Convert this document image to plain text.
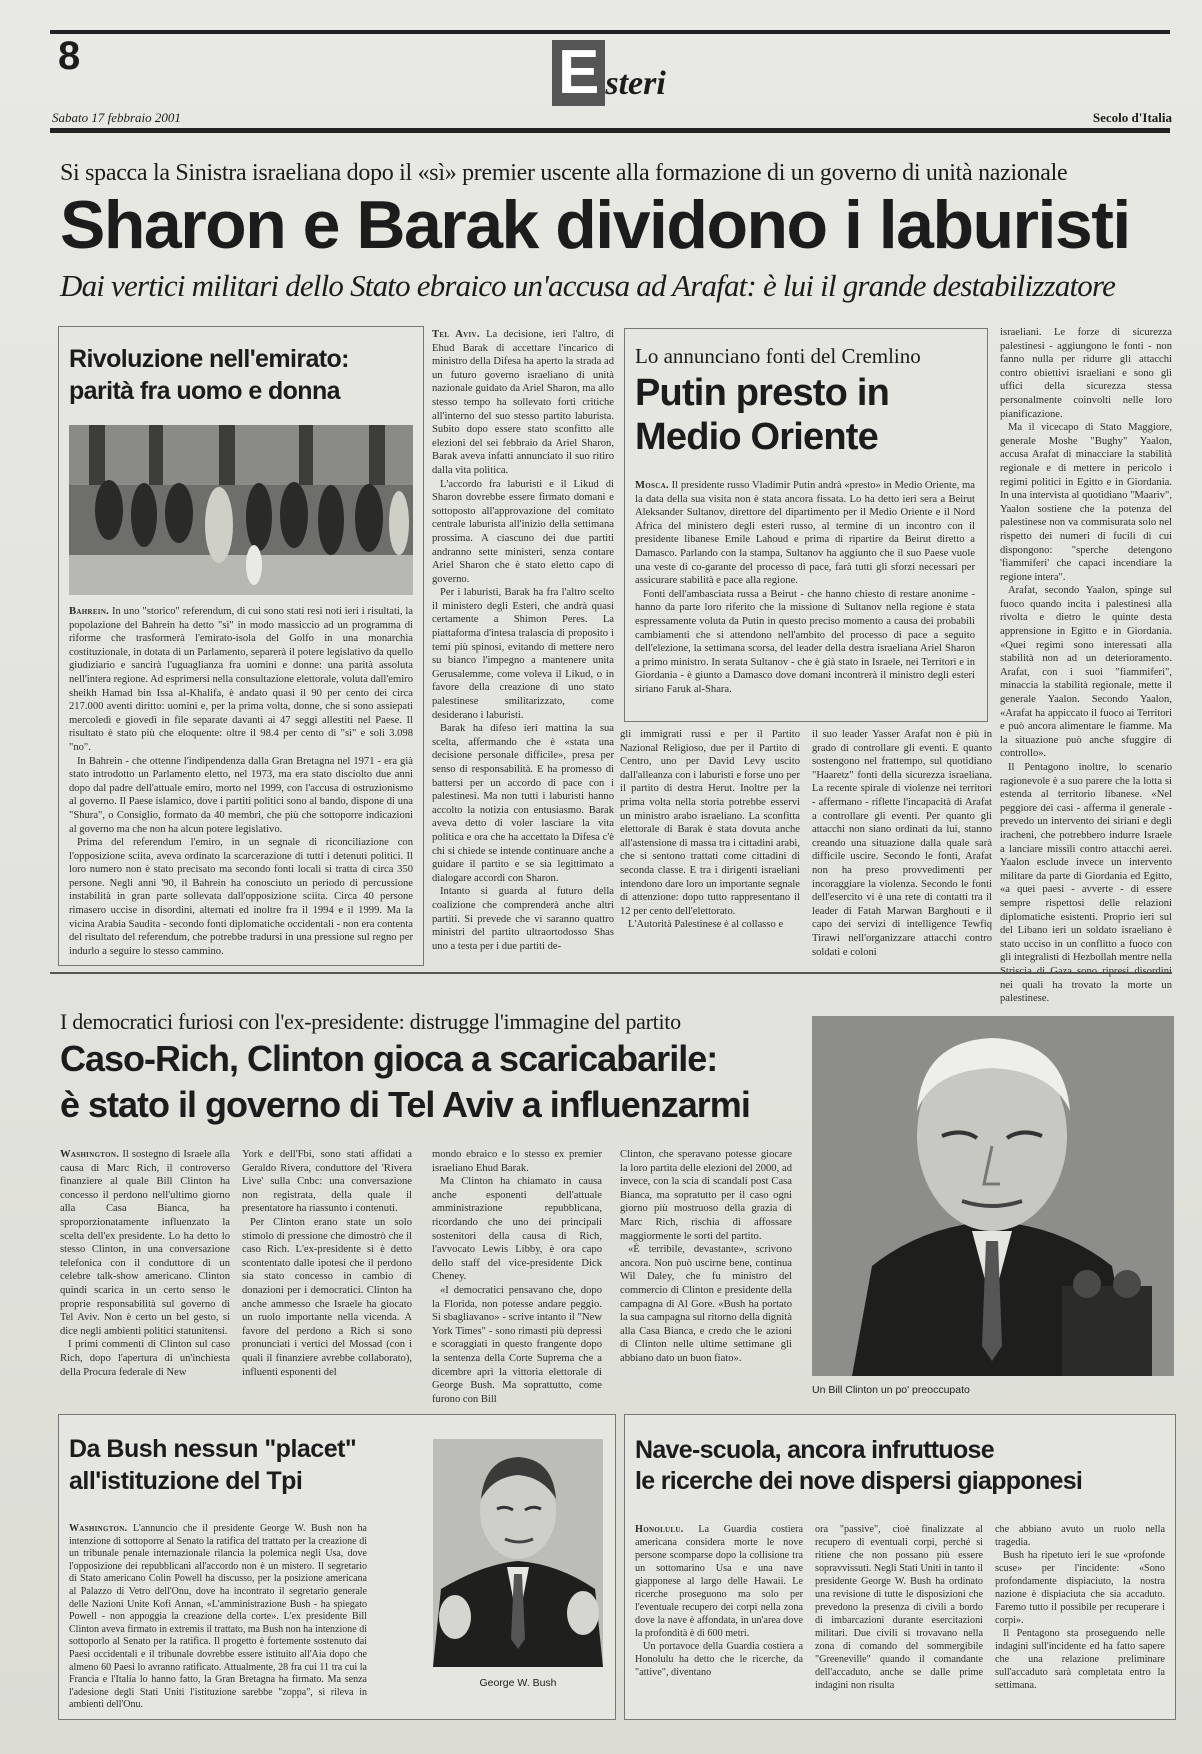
8	E steri
Sabato 17 febbraio 2001	Secolo d'Italia
Si spacca la Sinistra israeliana dopo il «sì» premier uscente alla formazione di un governo di unità nazionale
Sharon e Barak dividono i laburisti
Dai vertici militari dello Stato ebraico un'accusa ad Arafat: è lui il grande destabilizzatore
Rivoluzione nell'emirato: parità fra uomo e donna

Bahrein. In uno "storico" referendum, di cui sono stati resi noti ieri i risultati, la popolazione del Bahrein ha detto "sì" in modo massiccio ad un programma di riforme che trasformerà l'emirato-isola del Golfo in una monarchia costituzionale, in dotata di un Parlamento, separerà il potere legislativo da quello giudiziario e sancirà l'uguaglianza fra uomini e donne: una parità assoluta nell'intera regione. Ad esprimersi nella consultazione elettorale, voluta dall'emiro sheikh Hamad bin Issa al-Khalifa, è andato quasi il 90 per cento dei circa 217.000 aventi diritto: uomini e, per la prima volta, donne, che si sono assiepati mercoledì e giovedì in file separate davanti ai 47 seggi allestiti nel Paese. Il risultato è stato più che eloquente: oltre il 98.4 per cento di "sì" e soli 3.098 "no".

In Bahrein - che ottenne l'indipendenza dalla Gran Bretagna nel 1971 - era già stato introdotto un Parlamento eletto, nel 1973, ma era stato disciolto due anni dopo dal padre dell'attuale emiro, morto nel 1999, con l'accusa di ostruzionismo al governo. Il Paese islamico, dove i partiti politici sono al bando, dispone di una "Shura", o Consiglio, formato da 40 membri, che più che sottoporre indicazioni al governo ma che non ha alcun potere legislativo.

Prima del referendum l'emiro, in un segnale di riconciliazione con l'opposizione sciita, aveva ordinato la scarcerazione di tutti i detenuti politici. Il loro numero non è stato precisato ma secondo fonti locali si tratta di circa 350 persone. Negli anni '90, il Bahrein ha conosciuto un periodo di percussione instabilità in gran parte sollevata dall'opposizione sciita. Circa 40 persone rimasero uccise in disordini, alternati ed inoltre fra il 1994 e il 1999. Ma la vicina Arabia Saudita - secondo fonti diplomatiche occidentali - non era contenta del risultato del referendum, che potrebbe tradursi in una pressione sul regno per indurlo a seguire lo stesso cammino.

Tel Aviv. La decisione, ieri l'altro, di Ehud Barak di accettare l'incarico di ministro della Difesa ha aperto la strada ad un futuro governo israeliano di unità nazionale guidato da Ariel Sharon, ma allo stesso tempo ha sollevato forti critiche all'interno del suo stesso partito laburista. Subito dopo essere stato sconfitto alle elezioni del sei febbraio da Ariel Sharon, Barak aveva infatti annunciato il suo ritiro dalla vita politica.

L'accordo fra laburisti e il Likud di Sharon dovrebbe essere firmato domani e sottoposto all'approvazione del comitato centrale laburista all'inizio della settimana prossima. A ciascuno dei due partiti andranno sette ministeri, senza contare Ariel Sharon che è stato eletto capo di governo.

Per i laburisti, Barak ha fra l'altro scelto il ministero degli Esteri, che andrà quasi certamente a Shimon Peres. La piattaforma d'intesa tralascia di proposito i temi più spinosi, evitando di mettere nero su bianco l'impegno a mantenere unita Gerusalemme, come voleva il Likud, o in favore della creazione di uno stato palestinese smilitarizzato, come desiderano i laburisti.

Barak ha difeso ieri mattina la sua scelta, affermando che è «stata una decisione personale difficile», presa per senso di responsabilità. E ha promesso di battersi per un accordo di pace con i palestinesi. Ma non tutti i laburisti hanno accolto la notizia con entusiasmo. Barak aveva detto di voler lasciare la vita politica e ora che ha accettato la Difesa c'è chi si chiede se intende continuare anche a guidare il partito e se sia legittimato a dialogare accordi con Sharon.

Intanto si guarda al futuro della coalizione che comprenderà anche altri partiti. Si prevede che vi saranno quattro ministri del partito ultraortodosso Shas uno a testa per i due partiti de-

Lo annunciano fonti del Cremlino
Putin presto in Medio Oriente

Mosca. Il presidente russo Vladimir Putin andrà «presto» in Medio Oriente, ma la data della sua visita non è stata ancora fissata. Lo ha detto ieri sera a Beirut Aleksander Sultanov, direttore del dipartimento per il Medio Oriente e il Nord Africa del ministero degli esteri russo, al termine di un incontro con il presidente libanese Emile Lahoud e prima di ripartire da Beirut diretto a Damasco. Parlando con la stampa, Sultanov ha aggiunto che il suo Paese vuole una veste di co-garante del processo di pace, farà tutti gli sforzi necessari per assicurare stabilità e pace alla regione.

Fonti dell'ambasciata russa a Beirut - che hanno chiesto di restare anonime - hanno da parte loro riferito che la missione di Sultanov nella regione è stata espressamente voluta da Putin in questo preciso momento a causa dei probabili cambiamenti che si attendono nell'ambito del processo di pace a seguito dell'elezione, la settimana scorsa, del leader della destra israeliana Ariel Sharon a primo ministro. In serata Sultanov - che è già stato in Israele, nei Territori e in Giordania - è giunto a Damasco dove domani incontrerà il ministro degli esteri siriano Faruk al-Shara.

gli immigrati russi e per il Partito Nazional Religioso, due per il Partito di Centro, uno per David Levy uscito dall'alleanza con i laburisti e forse uno per il partito di destra Herut. Inoltre per la prima volta nella storia potrebbe esservi un ministro arabo israeliano. La sconfitta elettorale di Barak è stata dovuta anche all'astensione di massa tra i cittadini arabi, che si sentono trattati come cittadini di seconda classe. E tra i dirigenti israeliani intendono dare loro un importante segnale di attenzione: dopo tutto rappresentano il 12 per cento dell'elettorato.

L'Autorità Palestinese è al collasso e

il suo leader Yasser Arafat non è più in grado di controllare gli eventi. E quanto sostengono nel frattempo, sul quotidiano "Haaretz" fonti della sicurezza israeliana. La recente spirale di violenze nei territori - affermano - riflette l'incapacità di Arafat a controllare gli eventi. Per quanto gli attacchi non siano ordinati da lui, stanno creando una situazione dalla quale sarà difficile uscire. Secondo le fonti, Arafat non ha preso provvedimenti per incoraggiare la violenza. Secondo le fonti dell'esercito vi è una rete di contatti tra il leader di Fatah Marwan Barghouti e il capo dei servizi di intelligence Tewfiq Tirawi nell'organizzare attacchi contro soldati e coloni

israeliani. Le forze di sicurezza palestinesi - aggiungono le fonti - non fanno nulla per ridurre gli attacchi contro obiettivi israeliani e sono gli uffici della sicurezza stessa personalmente coinvolti nelle loro pianificazione.

Ma il vicecapo di Stato Maggiore, generale Moshe "Bughy" Yaalon, accusa Arafat di minacciare la stabilità regionale e di mettere in pericolo i regimi politici in Egitto e in Giordania. In una intervista al quotidiano "Maariv", Yaalon sostiene che la potenza del palestinese non va commisurata solo nel rispetto dei numeri di fucili di cui dispongono: "sperche detengono 'fiammiferi' che capaci incendiare la regione intera".

Arafat, secondo Yaalon, spinge sul fuoco quando incita i palestinesi alla rivolta e dietro le quinte desta apprensione in Egitto e in Giordania. «Quei regimi sono interessati alla stabilità non ad un deterioramento. Arafat, con i suoi "fiammiferi", minaccia la stabilità regionale, mette il generale Yaalon. Secondo Yaalon, «Arafat ha appiccato il fuoco ai Territori e può ancora alimentare le fiamme. Ma la situazione può anche sfuggire di controllo».

Il Pentagono inoltre, lo scenario ragionevole è a suo parere che la lotta si estenda al territorio libanese. «Nel peggiore dei casi - afferma il generale - prevedo un intervento dei siriani e degli iracheni, che potrebbero indurre Israele a lanciare missili contro attacchi aerei. Yaalon esclude invece un intervento militare da parte di Giordania ed Egitto, «a quei paesi - avverte - di essere sempre rispettosi delle relazioni diplomatiche esistenti. Proprio ieri sul del Libano ieri un soldato israeliano è stato ucciso in un conflitto a fuoco con gli integralisti di Hezbollah mentre nella nei quali ha trovato la morte un palestinese.

I democratici furiosi con l'ex-presidente: distrugge l'immagine del partito
Caso-Rich, Clinton gioca a scaricabarile:
è stato il governo di Tel Aviv a influenzarmi

Washington. Il sostegno di Israele alla causa di Marc Rich, il controverso finanziere al quale Bill Clinton ha concesso il perdono nell'ultimo giorno alla Casa Bianca, ha sproporzionatamente influenzato la scelta dell'ex presidente. Lo ha detto lo stesso Clinton, in una conversazione telefonica con il conduttore di un celebre talk-show americano. Clinton quindi scarica in un certo senso le proprie responsabilità sul governo di Tel Aviv. Non è certo un bel gesto, si dice negli ambienti politici statunitensi.

I primi commenti di Clinton sul caso Rich, dopo l'apertura di un'inchiesta della Procura federale di New

York e dell'Fbi, sono stati affidati a Geraldo Rivera, conduttore del 'Rivera Live' sulla Cnbc: una conversazione non registrata, della quale il presentatore ha riassunto i contenuti.

Per Clinton erano state un solo stimolo di pressione che dimostrò che il caso Rich. L'ex-presidente sì è detto scontentato dalle ipotesi che il perdono sia stato concesso in cambio di donazioni per i democratici. Clinton ha anche ammesso che Israele ha giocato un ruolo importante nella vicenda. A favore del perdono a Rich si sono pronunciati i vertici del Mossad (con i quali il finanziere avrebbe collaborato), influenti esponenti del

mondo ebraico e lo stesso ex premier israeliano Ehud Barak.

Ma Clinton ha chiamato in causa anche esponenti dell'attuale amministrazione repubblicana, ricordando che uno dei principali sostenitori della causa di Rich, l'avvocato Lewis Libby, è ora capo dello staff del vice-presidente Dick Cheney.

«I democratici pensavano che, dopo la Florida, non potesse andare peggio. Si sbagliavano» - scrive intanto il "New York Times" - sono rimasti più depressi e scoraggiati in questo frangente dopo la sentenza della Corte Suprema che a dicembre aprì la vittoria elettorale di George Bush. Ma soprattutto, come furono con Bill

Clinton, che speravano potesse giocare la loro partita delle elezioni del 2000, ad invece, con la scia di scandali post Casa Bianca, ma sopratutto per il caso ogni giorno più mostruoso della grazia di Marc Rich, rischia di affossare maggiormente le sorti del partito.

«È terribile, devastante», scrivono ancora. Non può uscirne bene, continua Wil Daley, che fu ministro del commercio di Clinton e presidente della campagna di Al Gore. «Bush ha portato la sua campagna sul ritorno della dignità alla Casa Bianca, e credo che le azioni di Clinton nelle ultime settimane gli abbiano dato un buon fiato».

Un Bill Clinton un po' preoccupato
Da Bush nessun "placet" all'istituzione del Tpi

Washington. L'annuncio che il presidente George W. Bush non ha intenzione di sottoporre al Senato la ratifica del trattato per la creazione di un tribunale penale internazionale rilancia la polemica negli Usa, dove l'opposizione dei repubblicani all'accordo non è un mistero. Il segretario di Stato americano Colin Powell ha discusso, per la posizione americana al Palazzo di Vetro dell'Onu, dove ha incontrato il segretario generale delle Nazioni Unite Kofi Annan, «L'amministrazione Bush - ha spiegato Powell - non appoggia la creazione della corte». L'ex presidente Bill Clinton aveva firmato in extremis il trattato, ma Bush non ha intenzione di sottoporlo al Senato per la ratifica. Il progetto è fortemente sostenuto dai Paesi occidentali e il tribunale dovrebbe essere istituito all'Aia dopo che almeno 60 Paesi lo avranno ratificato. Attualmente, 28 fra cui 11 tra cui la Francia e l'Italia lo hanno fatto, la Gran Bretagna ha firmato. Ma senza l'adesione degli Stati Uniti l'istituzione sarebbe "zoppa", si rileva in ambienti dell'Onu.

George W. Bush
Nave-scuola, ancora infruttuose
le ricerche dei nove dispersi giapponesi

Honolulu. La Guardia costiera americana considera morte le nove persone scomparse dopo la collisione tra un sottomarino Usa e una nave giapponese al largo delle Hawaii. Le ricerche proseguono ma solo per l'eventuale recupero dei corpi nella zona dove la nave è affondata, in un'area dove la profondità è di 600 metri.

Un portavoce della Guardia costiera a Honolulu ha detto che le ricerche, da "attive", diventano

ora "passive", cioè finalizzate al recupero di eventuali corpi, perché si ritiene che non possano più essere sopravvissuti. Negli Stati Uniti in tanto il presidente George W. Bush ha ordinato una revisione di tutte le disposizioni che prevedono la presenza di civili a bordo di imbarcazioni durante esercitazioni militari. Due civili si trovavano nella zona di comando del sommergibile "Greeneville" quando il comandante dell'accaduto, anche se dalle prime indagini non risulta

che abbiano avuto un ruolo nella tragedia.

Bush ha ripetuto ieri le sue «profonde scuse» per l'incidente: «Sono profondamente dispiaciuto, la nostra nazione è dispiaciuta che sia accaduto. Faremo tutto il possibile per recuperare i corpi».

Il Pentagono sta proseguendo nelle indagini sull'incidente ed ha fatto sapere che una relazione preliminare sull'accaduto sarà completata entro la settimana.
